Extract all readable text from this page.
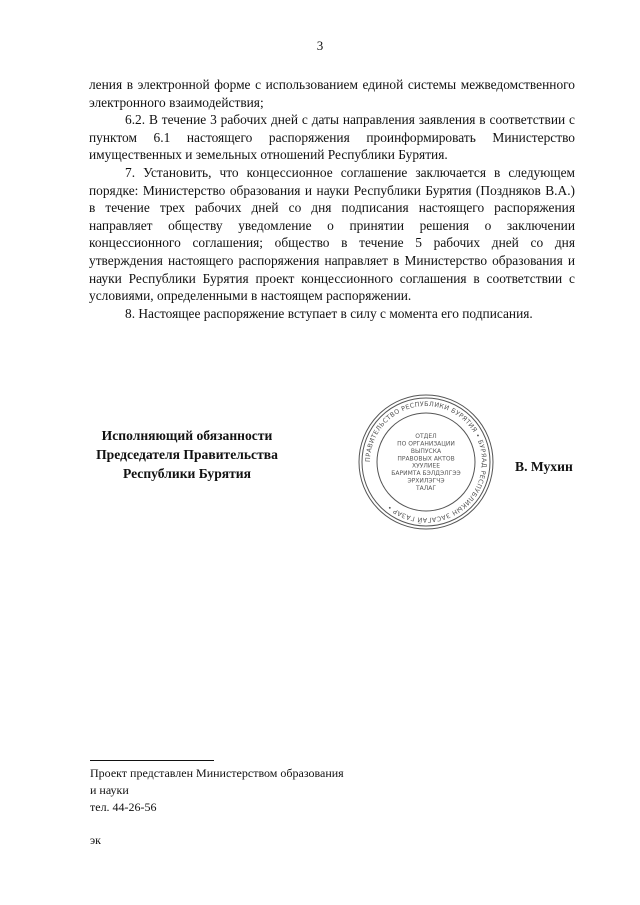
3

ления в электронной форме с использованием единой системы межведомственного электронного взаимодействия;

6.2. В течение 3 рабочих дней с даты направления заявления в соответствии с пунктом 6.1 настоящего распоряжения проинформировать Министерство имущественных и земельных отношений Республики Бурятия.

7. Установить, что концессионное соглашение заключается в следующем порядке: Министерство образования и науки Республики Бурятия (Поздняков В.А.) в течение трех рабочих дней со дня подписания настоящего распоряжения направляет обществу уведомление о принятии решения о заключении концессионного соглашения; общество в течение 5 рабочих дней со дня утверждения настоящего распоряжения направляет в Министерство образования и науки Республики Бурятия проект концессионного соглашения в соответствии с условиями, определенными в настоящем распоряжении.

8. Настоящее распоряжение вступает в силу с момента его подписания.

Исполняющий обязанности
Председателя Правительства
Республики Бурятия
ПРАВИТЕЛЬСТВО РЕСПУБЛИКИ БУРЯТИЯ • БУРЯАД РЕСПУБЛИКЫН ЗАСАГАЙ ГАЗАР •
ОТДЕЛ
ПО ОРГАНИЗАЦИИ
ВЫПУСКА
ПРАВОВЫХ АКТОВ
ХУУЛИЕЕ
БАРИМТА БЭЛДЭЛГЭЭ
ЭРХИЛЭГЧЭ
ТАЛАГ
В. Мухин
Проект представлен Министерством образования
и науки
тел. 44-26-56
эк
